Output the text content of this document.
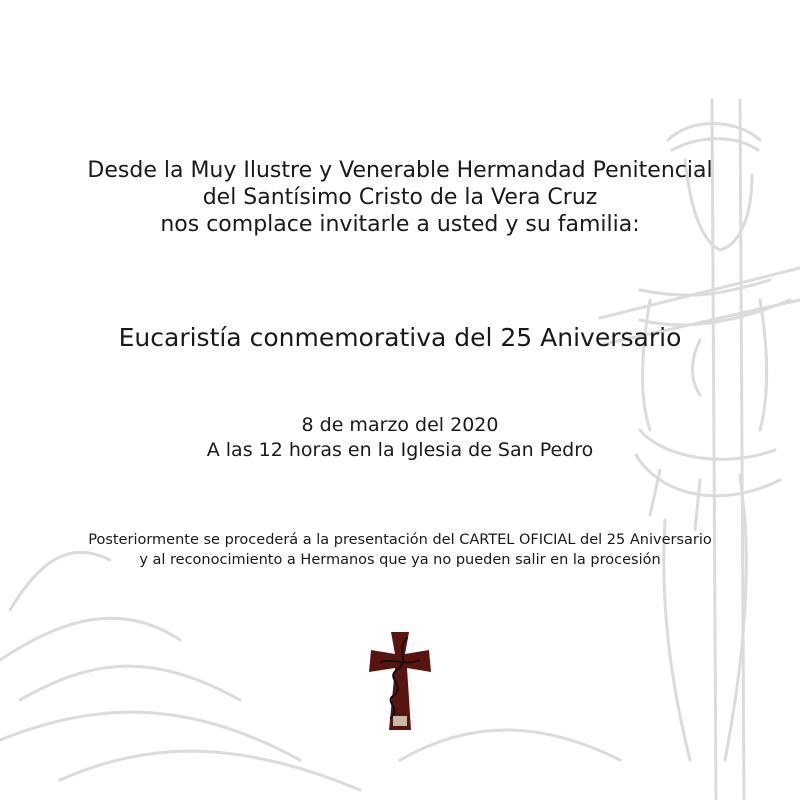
Desde la Muy Ilustre y Venerable Hermandad Penitencial
del Santísimo Cristo de la Vera Cruz
nos complace invitarle a usted y su familia:
Eucaristía conmemorativa del 25 Aniversario
8 de marzo del 2020
A las 12 horas en la Iglesia de San Pedro
Posteriormente se procederá a la presentación del CARTEL OFICIAL del 25 Aniversario
y al reconocimiento a Hermanos que ya no pueden salir en la procesión
